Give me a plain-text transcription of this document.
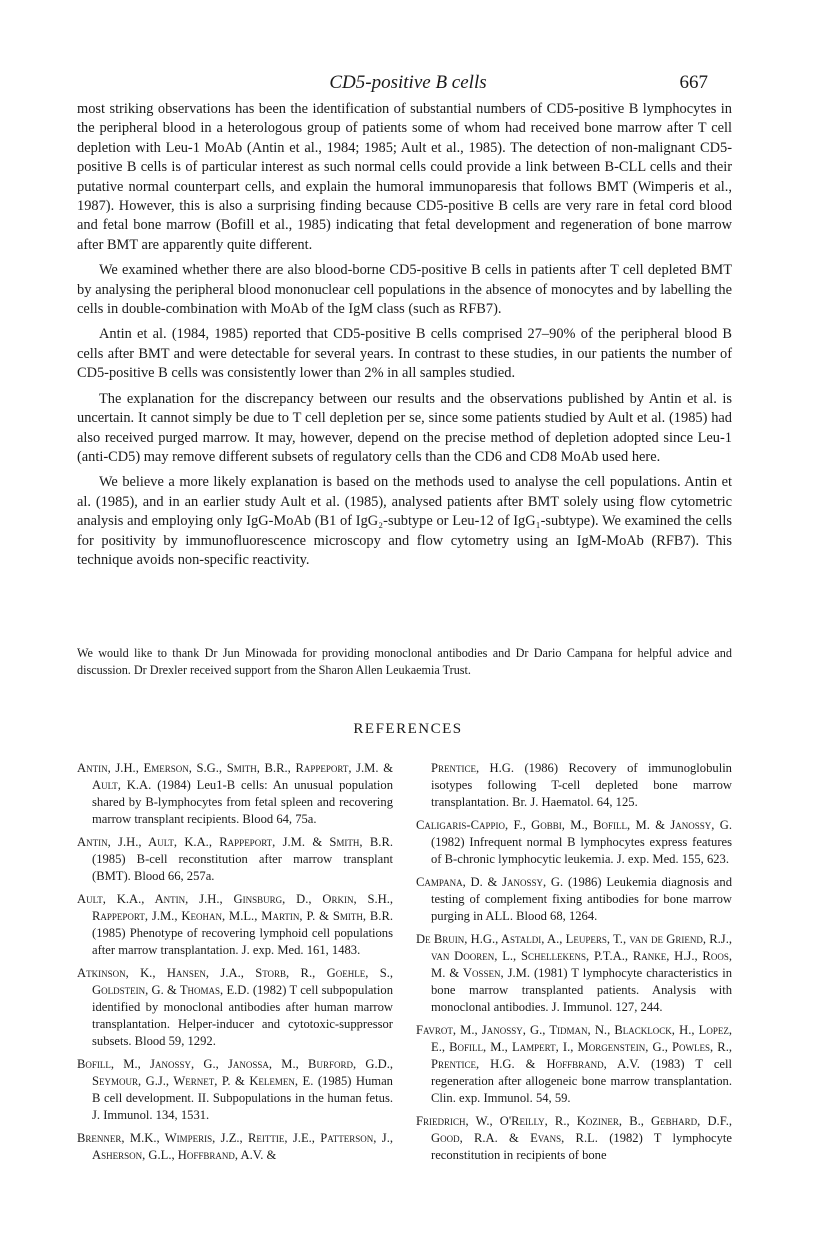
CD5-positive B cells	667

most striking observations has been the identification of substantial numbers of CD5-positive B lymphocytes in the peripheral blood in a heterologous group of patients some of whom had received bone marrow after T cell depletion with Leu-1 MoAb (Antin et al., 1984; 1985; Ault et al., 1985). The detection of non-malignant CD5-positive B cells is of particular interest as such normal cells could provide a link between B-CLL cells and their putative normal counterpart cells, and explain the humoral immunoparesis that follows BMT (Wimperis et al., 1987). However, this is also a surprising finding because CD5-positive B cells are very rare in fetal cord blood and fetal bone marrow (Bofill et al., 1985) indicating that fetal development and regeneration of bone marrow after BMT are apparently quite different.

We examined whether there are also blood-borne CD5-positive B cells in patients after T cell depleted BMT by analysing the peripheral blood mononuclear cell populations in the absence of monocytes and by labelling the cells in double-combination with MoAb of the IgM class (such as RFB7).

Antin et al. (1984, 1985) reported that CD5-positive B cells comprised 27–90% of the peripheral blood B cells after BMT and were detectable for several years. In contrast to these studies, in our patients the number of CD5-positive B cells was consistently lower than 2% in all samples studied.

The explanation for the discrepancy between our results and the observations published by Antin et al. is uncertain. It cannot simply be due to T cell depletion per se, since some patients studied by Ault et al. (1985) had also received purged marrow. It may, however, depend on the precise method of depletion adopted since Leu-1 (anti-CD5) may remove different subsets of regulatory cells than the CD6 and CD8 MoAb used here.

We believe a more likely explanation is based on the methods used to analyse the cell populations. Antin et al. (1985), and in an earlier study Ault et al. (1985), analysed patients after BMT solely using flow cytometric analysis and employing only IgG-MoAb (B1 of IgG₂-subtype or Leu-12 of IgG₁-subtype). We examined the cells for positivity by immunofluorescence microscopy and flow cytometry using an IgM-MoAb (RFB7). This technique avoids non-specific reactivity.

We would like to thank Dr Jun Minowada for providing monoclonal antibodies and Dr Dario Campana for helpful advice and discussion. Dr Drexler received support from the Sharon Allen Leukaemia Trust.

REFERENCES

Antin, J.H., Emerson, S.G., Smith, B.R., Rappeport, J.M. & Ault, K.A. (1984) Leu1-B cells: An unusual population shared by B-lymphocytes from fetal spleen and recovering marrow transplant recipients. Blood 64, 75a.

Antin, J.H., Ault, K.A., Rappeport, J.M. & Smith, B.R. (1985) B-cell reconstitution after marrow transplant (BMT). Blood 66, 257a.

Ault, K.A., Antin, J.H., Ginsburg, D., Orkin, S.H., Rappeport, J.M., Keohan, M.L., Martin, P. & Smith, B.R. (1985) Phenotype of recovering lymphoid cell populations after marrow transplantation. J. exp. Med. 161, 1483.

Atkinson, K., Hansen, J.A., Storb, R., Goehle, S., Goldstein, G. & Thomas, E.D. (1982) T cell subpopulation identified by monoclonal antibodies after human marrow transplantation. Helper-inducer and cytotoxic-suppressor subsets. Blood 59, 1292.

Bofill, M., Janossy, G., Janossa, M., Burford, G.D., Seymour, G.J., Wernet, P. & Kelemen, E. (1985) Human B cell development. II. Subpopulations in the human fetus. J. Immunol. 134, 1531.

Brenner, M.K., Wimperis, J.Z., Reittie, J.E., Patterson, J., Asherson, G.L., Hoffbrand, A.V. &

Prentice, H.G. (1986) Recovery of immunoglobulin isotypes following T-cell depleted bone marrow transplantation. Br. J. Haematol. 64, 125.

Caligaris-Cappio, F., Gobbi, M., Bofill, M. & Janossy, G. (1982) Infrequent normal B lymphocytes express features of B-chronic lymphocytic leukemia. J. exp. Med. 155, 623.

Campana, D. & Janossy, G. (1986) Leukemia diagnosis and testing of complement fixing antibodies for bone marrow purging in ALL. Blood 68, 1264.

De Bruin, H.G., Astaldi, A., Leupers, T., van de Griend, R.J., van Dooren, L., Schellekens, P.T.A., Ranke, H.J., Roos, M. & Vossen, J.M. (1981) T lymphocyte characteristics in bone marrow transplanted patients. Analysis with monoclonal antibodies. J. Immunol. 127, 244.

Favrot, M., Janossy, G., Tidman, N., Blacklock, H., Lopez, E., Bofill, M., Lampert, I., Morgenstein, G., Powles, R., Prentice, H.G. & Hoffbrand, A.V. (1983) T cell regeneration after allogeneic bone marrow transplantation. Clin. exp. Immunol. 54, 59.

Friedrich, W., O'Reilly, R., Koziner, B., Gebhard, D.F., Good, R.A. & Evans, R.L. (1982) T lymphocyte reconstitution in recipients of bone
